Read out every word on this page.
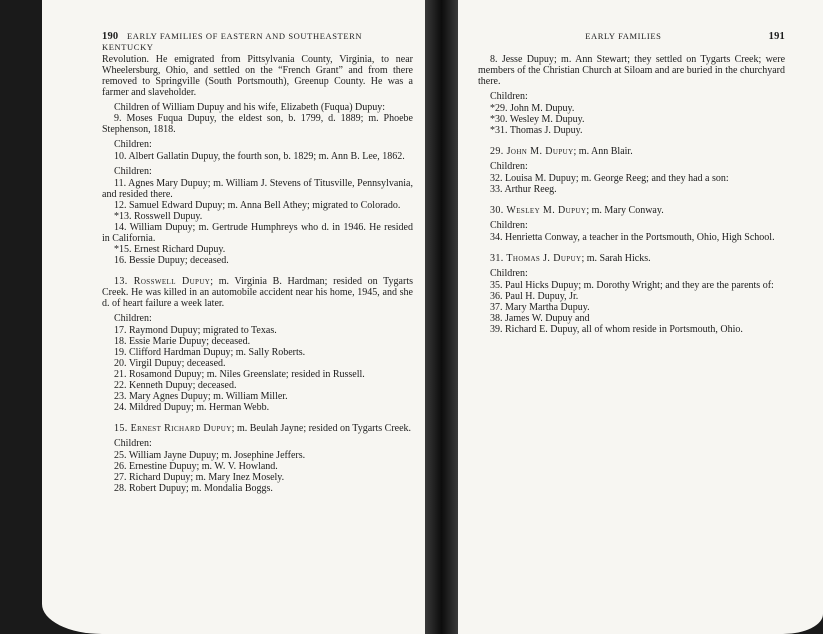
190 EARLY FAMILIES OF EASTERN AND SOUTHEASTERN KENTUCKY

Revolution. He emigrated from Pittsylvania County, Virginia, to near Wheelersburg, Ohio, and settled on the “French Grant” and from there removed to Springville (South Portsmouth), Greenup County. He was a farmer and slaveholder.

Children of William Dupuy and his wife, Elizabeth (Fuqua) Dupuy:

9. Moses Fuqua Dupuy, the eldest son, b. 1799, d. 1889; m. Phoebe Stephenson, 1818.

Children:

10. Albert Gallatin Dupuy, the fourth son, b. 1829; m. Ann B. Lee, 1862.

Children:

11. Agnes Mary Dupuy; m. William J. Stevens of Titusville, Pennsylvania, and resided there.

12. Samuel Edward Dupuy; m. Anna Bell Athey; migrated to Colorado.

*13. Rosswell Dupuy.

14. William Dupuy; m. Gertrude Humphreys who d. in 1946. He resided in California.

*15. Ernest Richard Dupuy.

16. Bessie Dupuy; deceased.

13. Rosswell Dupuy; m. Virginia B. Hardman; resided on Tygarts Creek. He was killed in an automobile accident near his home, 1945, and she d. of heart failure a week later.

Children:

17. Raymond Dupuy; migrated to Texas.

18. Essie Marie Dupuy; deceased.

19. Clifford Hardman Dupuy; m. Sally Roberts.

20. Virgil Dupuy; deceased.

21. Rosamond Dupuy; m. Niles Greenslate; resided in Russell.

22. Kenneth Dupuy; deceased.

23. Mary Agnes Dupuy; m. William Miller.

24. Mildred Dupuy; m. Herman Webb.

15. Ernest Richard Dupuy; m. Beulah Jayne; resided on Tygarts Creek.

Children:

25. William Jayne Dupuy; m. Josephine Jeffers.

26. Ernestine Dupuy; m. W. V. Howland.

27. Richard Dupuy; m. Mary Inez Mosely.

28. Robert Dupuy; m. Mondalia Boggs.

EARLY FAMILIES	191

8. Jesse Dupuy; m. Ann Stewart; they settled on Tygarts Creek; were members of the Christian Church at Siloam and are buried in the churchyard there.

Children:

*29. John M. Dupuy.

*30. Wesley M. Dupuy.

*31. Thomas J. Dupuy.

29. John M. Dupuy; m. Ann Blair.

Children:

32. Louisa M. Dupuy; m. George Reeg; and they had a son:

33. Arthur Reeg.

30. Wesley M. Dupuy; m. Mary Conway.

Children:

34. Henrietta Conway, a teacher in the Portsmouth, Ohio, High School.

31. Thomas J. Dupuy; m. Sarah Hicks.

Children:

35. Paul Hicks Dupuy; m. Dorothy Wright; and they are the parents of:

36. Paul H. Dupuy, Jr.

37. Mary Martha Dupuy.

38. James W. Dupuy and

39. Richard E. Dupuy, all of whom reside in Portsmouth, Ohio.
